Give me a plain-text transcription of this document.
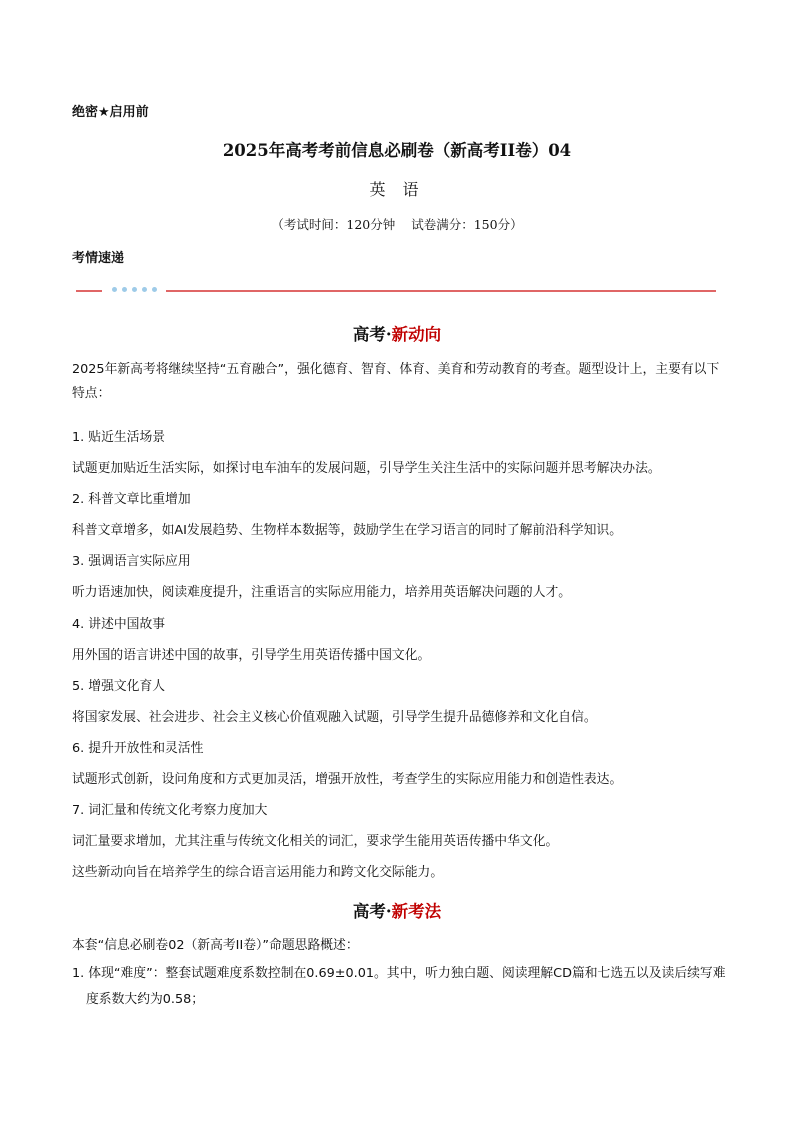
绝密★启用前
2025年高考考前信息必刷卷（新高考II卷）04
英 语
（考试时间：120分钟 试卷满分：150分）
考情速递
高考·新动向
2025年新高考将继续坚持“五育融合”，强化德育、智育、体育、美育和劳动教育的考查。题型设计上，主要有以下特点：
1. 贴近生活场景
试题更加贴近生活实际，如探讨电车油车的发展问题，引导学生关注生活中的实际问题并思考解决办法。
2. 科普文章比重增加
科普文章增多，如AI发展趋势、生物样本数据等，鼓励学生在学习语言的同时了解前沿科学知识。
3. 强调语言实际应用
听力语速加快，阅读难度提升，注重语言的实际应用能力，培养用英语解决问题的人才。
4. 讲述中国故事
用外国的语言讲述中国的故事，引导学生用英语传播中国文化。
5. 增强文化育人
将国家发展、社会进步、社会主义核心价值观融入试题，引导学生提升品德修养和文化自信。
6. 提升开放性和灵活性
试题形式创新，设问角度和方式更加灵活，增强开放性，考查学生的实际应用能力和创造性表达。
7. 词汇量和传统文化考察力度加大
词汇量要求增加，尤其注重与传统文化相关的词汇，要求学生能用英语传播中华文化。
这些新动向旨在培养学生的综合语言运用能力和跨文化交际能力。
高考·新考法
本套“信息必刷卷02（新高考II卷）”命题思路概述：
1. 体现“难度”：整套试题难度系数控制在0.69±0.01。其中，听力独白题、阅读理解CD篇和七选五以及读后续写难度系数大约为0.58；
